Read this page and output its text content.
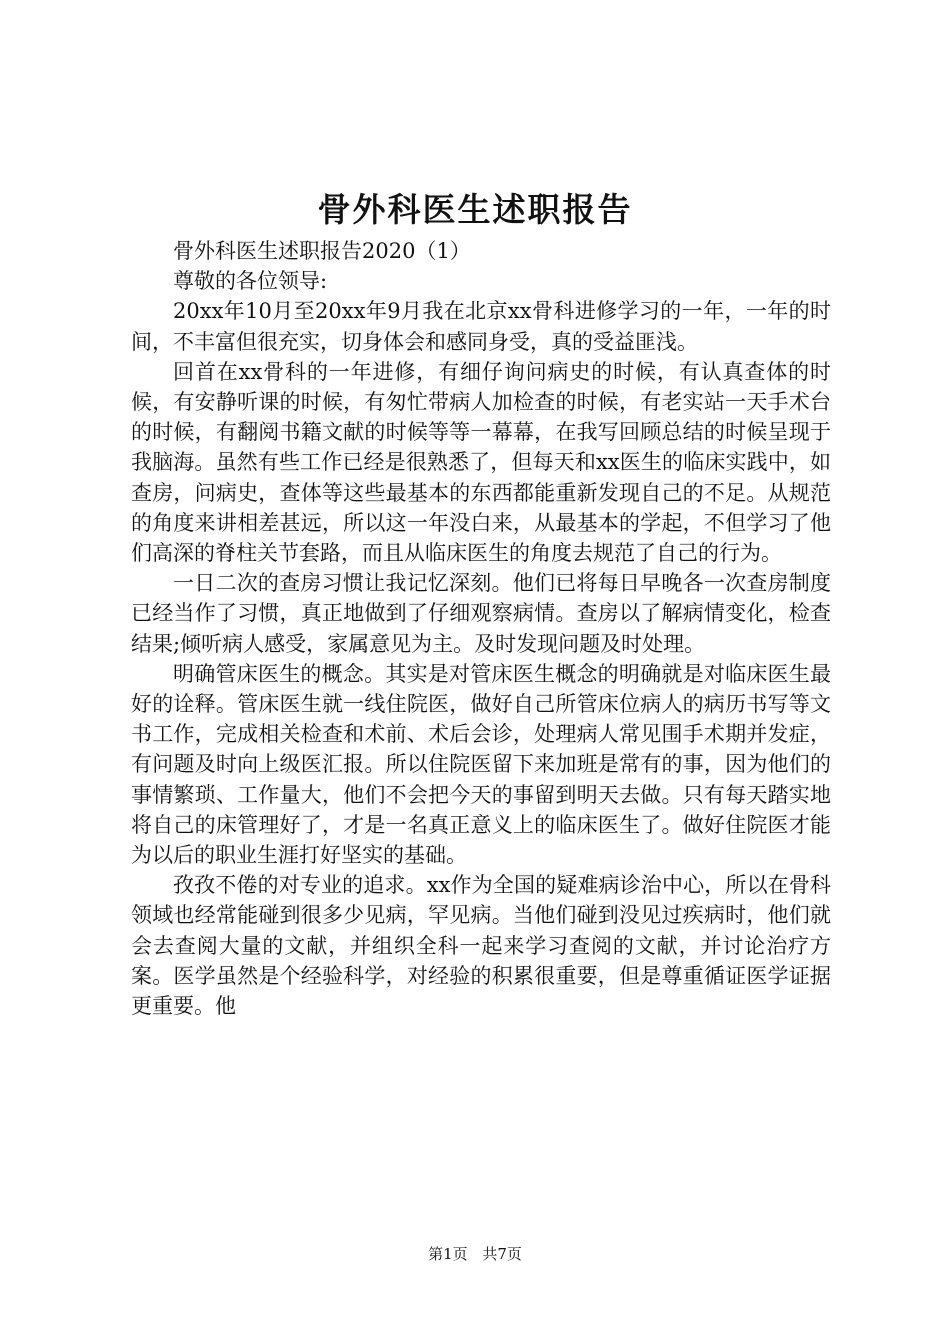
骨外科医生述职报告

骨外科医生述职报告2020（1）

尊敬的各位领导:

20xx年10月至20xx年9月我在北京xx骨科进修学习的一年，一年的时间，不丰富但很充实，切身体会和感同身受，真的受益匪浅。

回首在xx骨科的一年进修，有细仔询问病史的时候，有认真查体的时候，有安静听课的时候，有匆忙带病人加检查的时候，有老实站一天手术台的时候，有翻阅书籍文献的时候等等一幕幕，在我写回顾总结的时候呈现于我脑海。虽然有些工作已经是很熟悉了，但每天和xx医生的临床实践中，如查房，问病史，查体等这些最基本的东西都能重新发现自己的不足。从规范的角度来讲相差甚远，所以这一年没白来，从最基本的学起，不但学习了他们高深的脊柱关节套路，而且从临床医生的角度去规范了自己的行为。

一日二次的查房习惯让我记忆深刻。他们已将每日早晚各一次查房制度已经当作了习惯，真正地做到了仔细观察病情。查房以了解病情变化，检查结果;倾听病人感受，家属意见为主。及时发现问题及时处理。

明确管床医生的概念。其实是对管床医生概念的明确就是对临床医生最好的诠释。管床医生就一线住院医，做好自己所管床位病人的病历书写等文书工作，完成相关检查和术前、术后会诊，处理病人常见围手术期并发症，有问题及时向上级医汇报。所以住院医留下来加班是常有的事，因为他们的事情繁琐、工作量大，他们不会把今天的事留到明天去做。只有每天踏实地将自己的床管理好了，才是一名真正意义上的临床医生了。做好住院医才能为以后的职业生涯打好坚实的基础。

孜孜不倦的对专业的追求。xx作为全国的疑难病诊治中心，所以在骨科领域也经常能碰到很多少见病，罕见病。当他们碰到没见过疾病时，他们就会去查阅大量的文献，并组织全科一起来学习查阅的文献，并讨论治疗方案。医学虽然是个经验科学，对经验的积累很重要，但是尊重循证医学证据更重要。他

第1页 共7页
